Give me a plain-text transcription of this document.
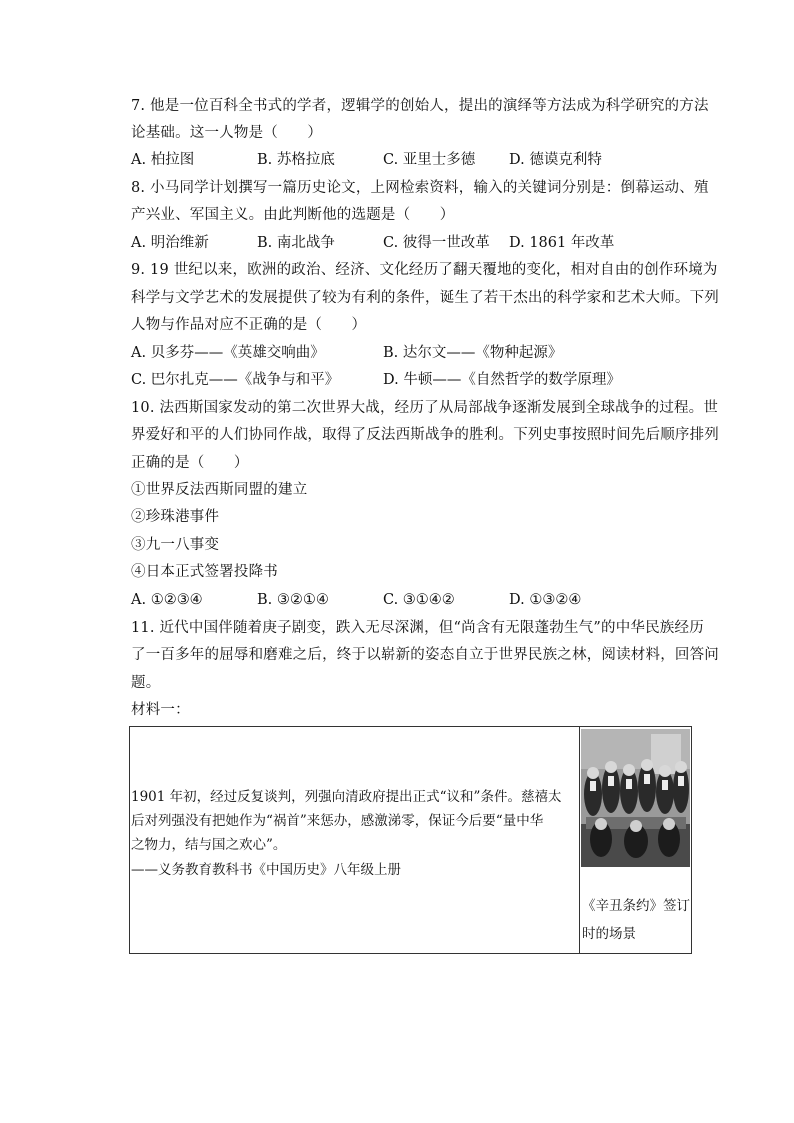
7. 他是一位百科全书式的学者，逻辑学的创始人，提出的演绎等方法成为科学研究的方法
论基础。这一人物是（　　）
A. 柏拉图	B. 苏格拉底	C. 亚里士多德 D. 德谟克利特
8. 小马同学计划撰写一篇历史论文，上网检索资料，输入的关键词分别是：倒幕运动、殖
产兴业、军国主义。由此判断他的选题是（　　）
A. 明治维新	B. 南北战争	C. 彼得一世改革 D. 1861 年改革
9. 19 世纪以来，欧洲的政治、经济、文化经历了翻天覆地的变化，相对自由的创作环境为
科学与文学艺术的发展提供了较为有利的条件，诞生了若干杰出的科学家和艺术大师。下列
人物与作品对应不正确的是（　　）
A. 贝多芬——《英雄交响曲》	B. 达尔文——《物种起源》
C. 巴尔扎克——《战争与和平》	D. 牛顿——《自然哲学的数学原理》
10. 法西斯国家发动的第二次世界大战，经历了从局部战争逐渐发展到全球战争的过程。世
界爱好和平的人们协同作战，取得了反法西斯战争的胜利。下列史事按照时间先后顺序排列
正确的是（　　）
①世界反法西斯同盟的建立
②珍珠港事件
③九一八事变
④日本正式签署投降书
A. ①②③④	B. ③②①④	C. ③①④②	D. ①③②④
11. 近代中国伴随着庚子剧变，跌入无尽深渊，但“尚含有无限蓬勃生气”的中华民族经历
了一百多年的屈辱和磨难之后，终于以崭新的姿态自立于世界民族之林，阅读材料，回答问
题。
材料一：

1901 年初，经过反复谈判，列强向清政府提出正式“议和”条件。慈禧太
后对列强没有把她作为“祸首”来惩办，感激涕零，保证今后要“量中华
之物力，结与国之欢心”。
——义务教育教科书《中国历史》八年级上册
《辛丑条约》签订
时的场景
